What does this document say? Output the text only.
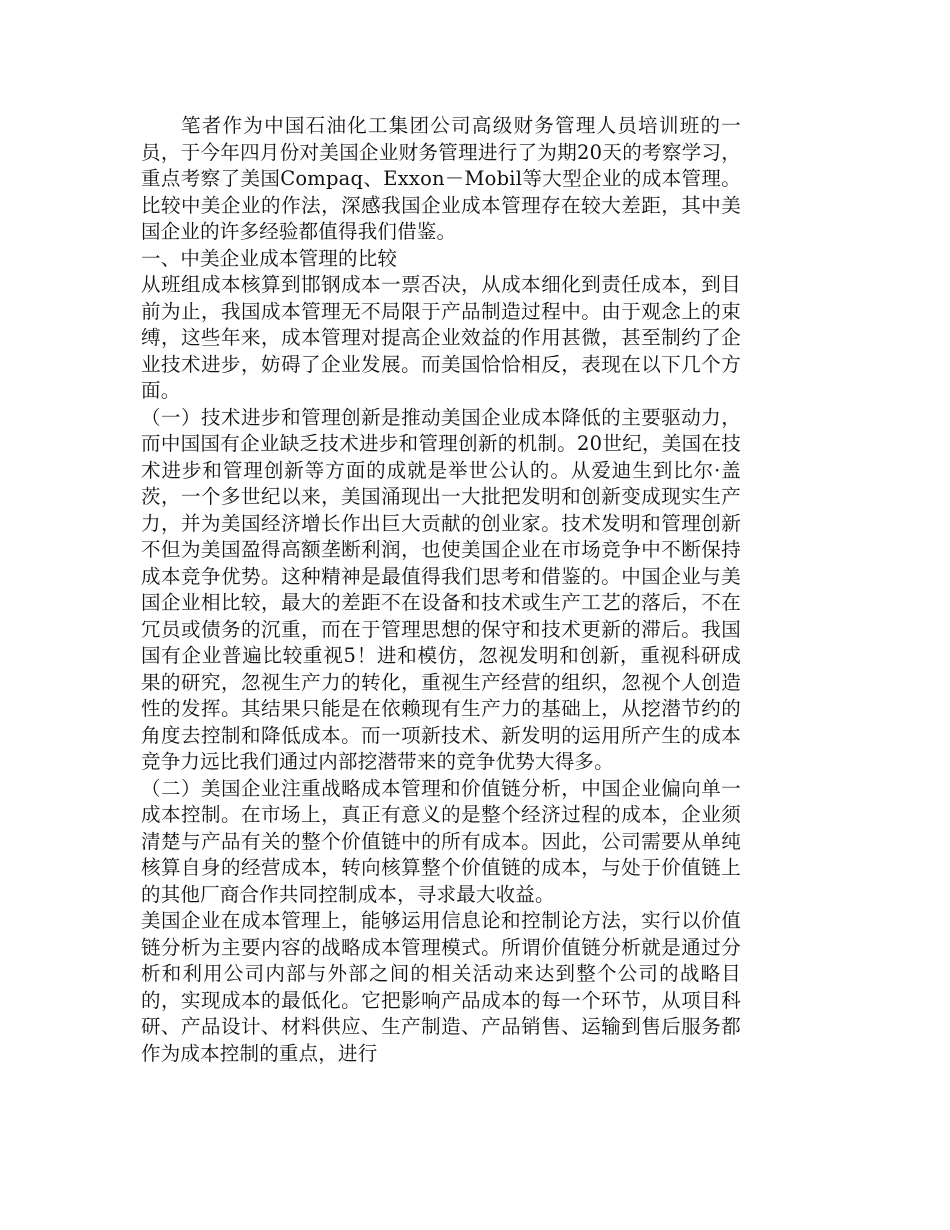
笔者作为中国石油化工集团公司高级财务管理人员培训班的一员，于今年四月份对美国企业财务管理进行了为期20天的考察学习，重点考察了美国Compaq、Exxon－Mobil等大型企业的成本管理。比较中美企业的作法，深感我国企业成本管理存在较大差距，其中美国企业的许多经验都值得我们借鉴。

一、中美企业成本管理的比较

从班组成本核算到邯钢成本一票否决，从成本细化到责任成本，到目前为止，我国成本管理无不局限于产品制造过程中。由于观念上的束缚，这些年来，成本管理对提高企业效益的作用甚微，甚至制约了企业技术进步，妨碍了企业发展。而美国恰恰相反，表现在以下几个方面。

（一）技术进步和管理创新是推动美国企业成本降低的主要驱动力，而中国国有企业缺乏技术进步和管理创新的机制。20世纪，美国在技术进步和管理创新等方面的成就是举世公认的。从爱迪生到比尔·盖茨，一个多世纪以来，美国涌现出一大批把发明和创新变成现实生产力，并为美国经济增长作出巨大贡献的创业家。技术发明和管理创新不但为美国盈得高额垄断利润，也使美国企业在市场竞争中不断保持成本竞争优势。这种精神是最值得我们思考和借鉴的。中国企业与美国企业相比较，最大的差距不在设备和技术或生产工艺的落后，不在冗员或债务的沉重，而在于管理思想的保守和技术更新的滞后。我国国有企业普遍比较重视5！进和模仿，忽视发明和创新，重视科研成果的研究，忽视生产力的转化，重视生产经营的组织，忽视个人创造性的发挥。其结果只能是在依赖现有生产力的基础上，从挖潜节约的角度去控制和降低成本。而一项新技术、新发明的运用所产生的成本竞争力远比我们通过内部挖潜带来的竞争优势大得多。

（二）美国企业注重战略成本管理和价值链分析，中国企业偏向单一成本控制。在市场上，真正有意义的是整个经济过程的成本，企业须清楚与产品有关的整个价值链中的所有成本。因此，公司需要从单纯核算自身的经营成本，转向核算整个价值链的成本，与处于价值链上的其他厂商合作共同控制成本，寻求最大收益。

美国企业在成本管理上，能够运用信息论和控制论方法，实行以价值链分析为主要内容的战略成本管理模式。所谓价值链分析就是通过分析和利用公司内部与外部之间的相关活动来达到整个公司的战略目的，实现成本的最低化。它把影响产品成本的每一个环节，从项目科研、产品设计、材料供应、生产制造、产品销售、运输到售后服务都作为成本控制的重点，进行
